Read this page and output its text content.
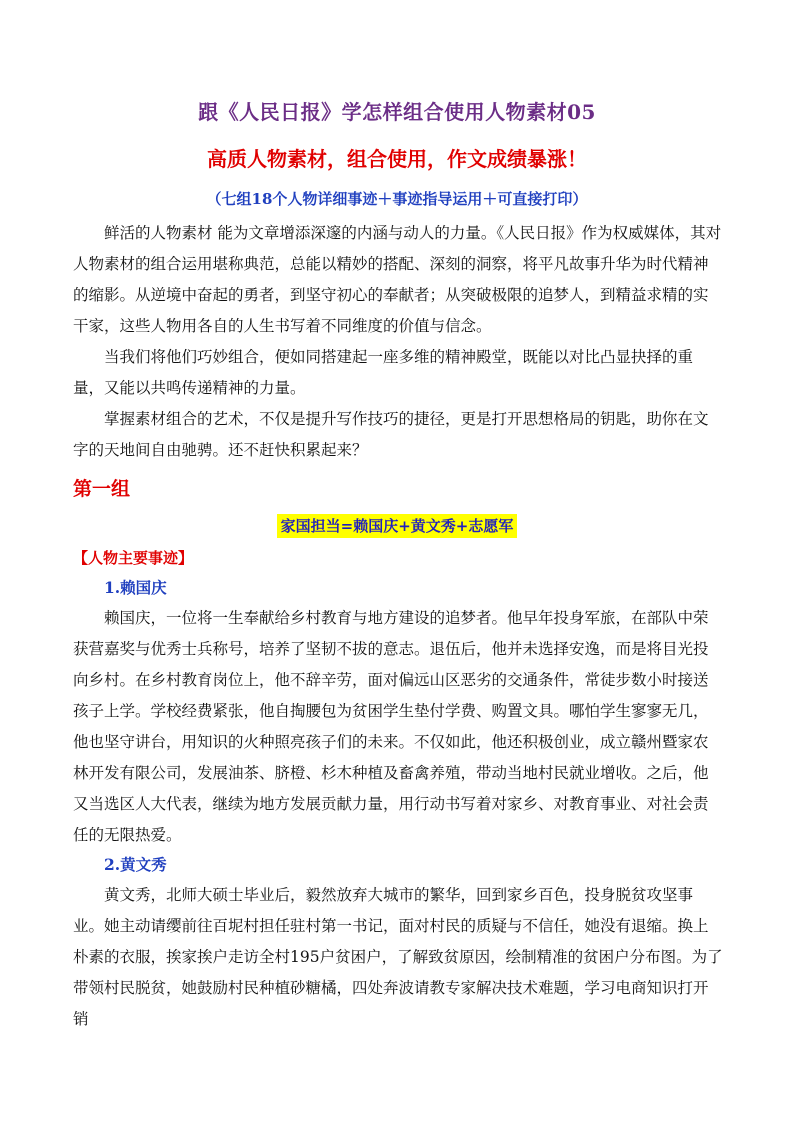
跟《人民日报》学怎样组合使用人物素材05
高质人物素材，组合使用，作文成绩暴涨！
（七组18个人物详细事迹＋事迹指导运用＋可直接打印）

鲜活的人物素材 能为文章增添深邃的内涵与动人的力量。《人民日报》作为权威媒体，其对人物素材的组合运用堪称典范，总能以精妙的搭配、深刻的洞察，将平凡故事升华为时代精神的缩影。从逆境中奋起的勇者，到坚守初心的奉献者；从突破极限的追梦人，到精益求精的实干家，这些人物用各自的人生书写着不同维度的价值与信念。

当我们将他们巧妙组合，便如同搭建起一座多维的精神殿堂，既能以对比凸显抉择的重量，又能以共鸣传递精神的力量。

掌握素材组合的艺术，不仅是提升写作技巧的捷径，更是打开思想格局的钥匙，助你在文字的天地间自由驰骋。还不赶快积累起来？

第一组
家国担当=赖国庆+黄文秀+志愿军
【人物主要事迹】
1.赖国庆

赖国庆，一位将一生奉献给乡村教育与地方建设的追梦者。他早年投身军旅，在部队中荣获营嘉奖与优秀士兵称号，培养了坚韧不拔的意志。退伍后，他并未选择安逸，而是将目光投向乡村。在乡村教育岗位上，他不辞辛劳，面对偏远山区恶劣的交通条件，常徒步数小时接送孩子上学。学校经费紧张，他自掏腰包为贫困学生垫付学费、购置文具。哪怕学生寥寥无几，他也坚守讲台，用知识的火种照亮孩子们的未来。不仅如此，他还积极创业，成立赣州暨家农林开发有限公司，发展油茶、脐橙、杉木种植及畜禽养殖，带动当地村民就业增收。之后，他又当选区人大代表，继续为地方发展贡献力量，用行动书写着对家乡、对教育事业、对社会责任的无限热爱。

2.黄文秀

黄文秀，北师大硕士毕业后，毅然放弃大城市的繁华，回到家乡百色，投身脱贫攻坚事业。她主动请缨前往百坭村担任驻村第一书记，面对村民的质疑与不信任，她没有退缩。换上朴素的衣服，挨家挨户走访全村195户贫困户，了解致贫原因，绘制精准的贫困户分布图。为了带领村民脱贫，她鼓励村民种植砂糖橘，四处奔波请教专家解决技术难题，学习电商知识打开销
